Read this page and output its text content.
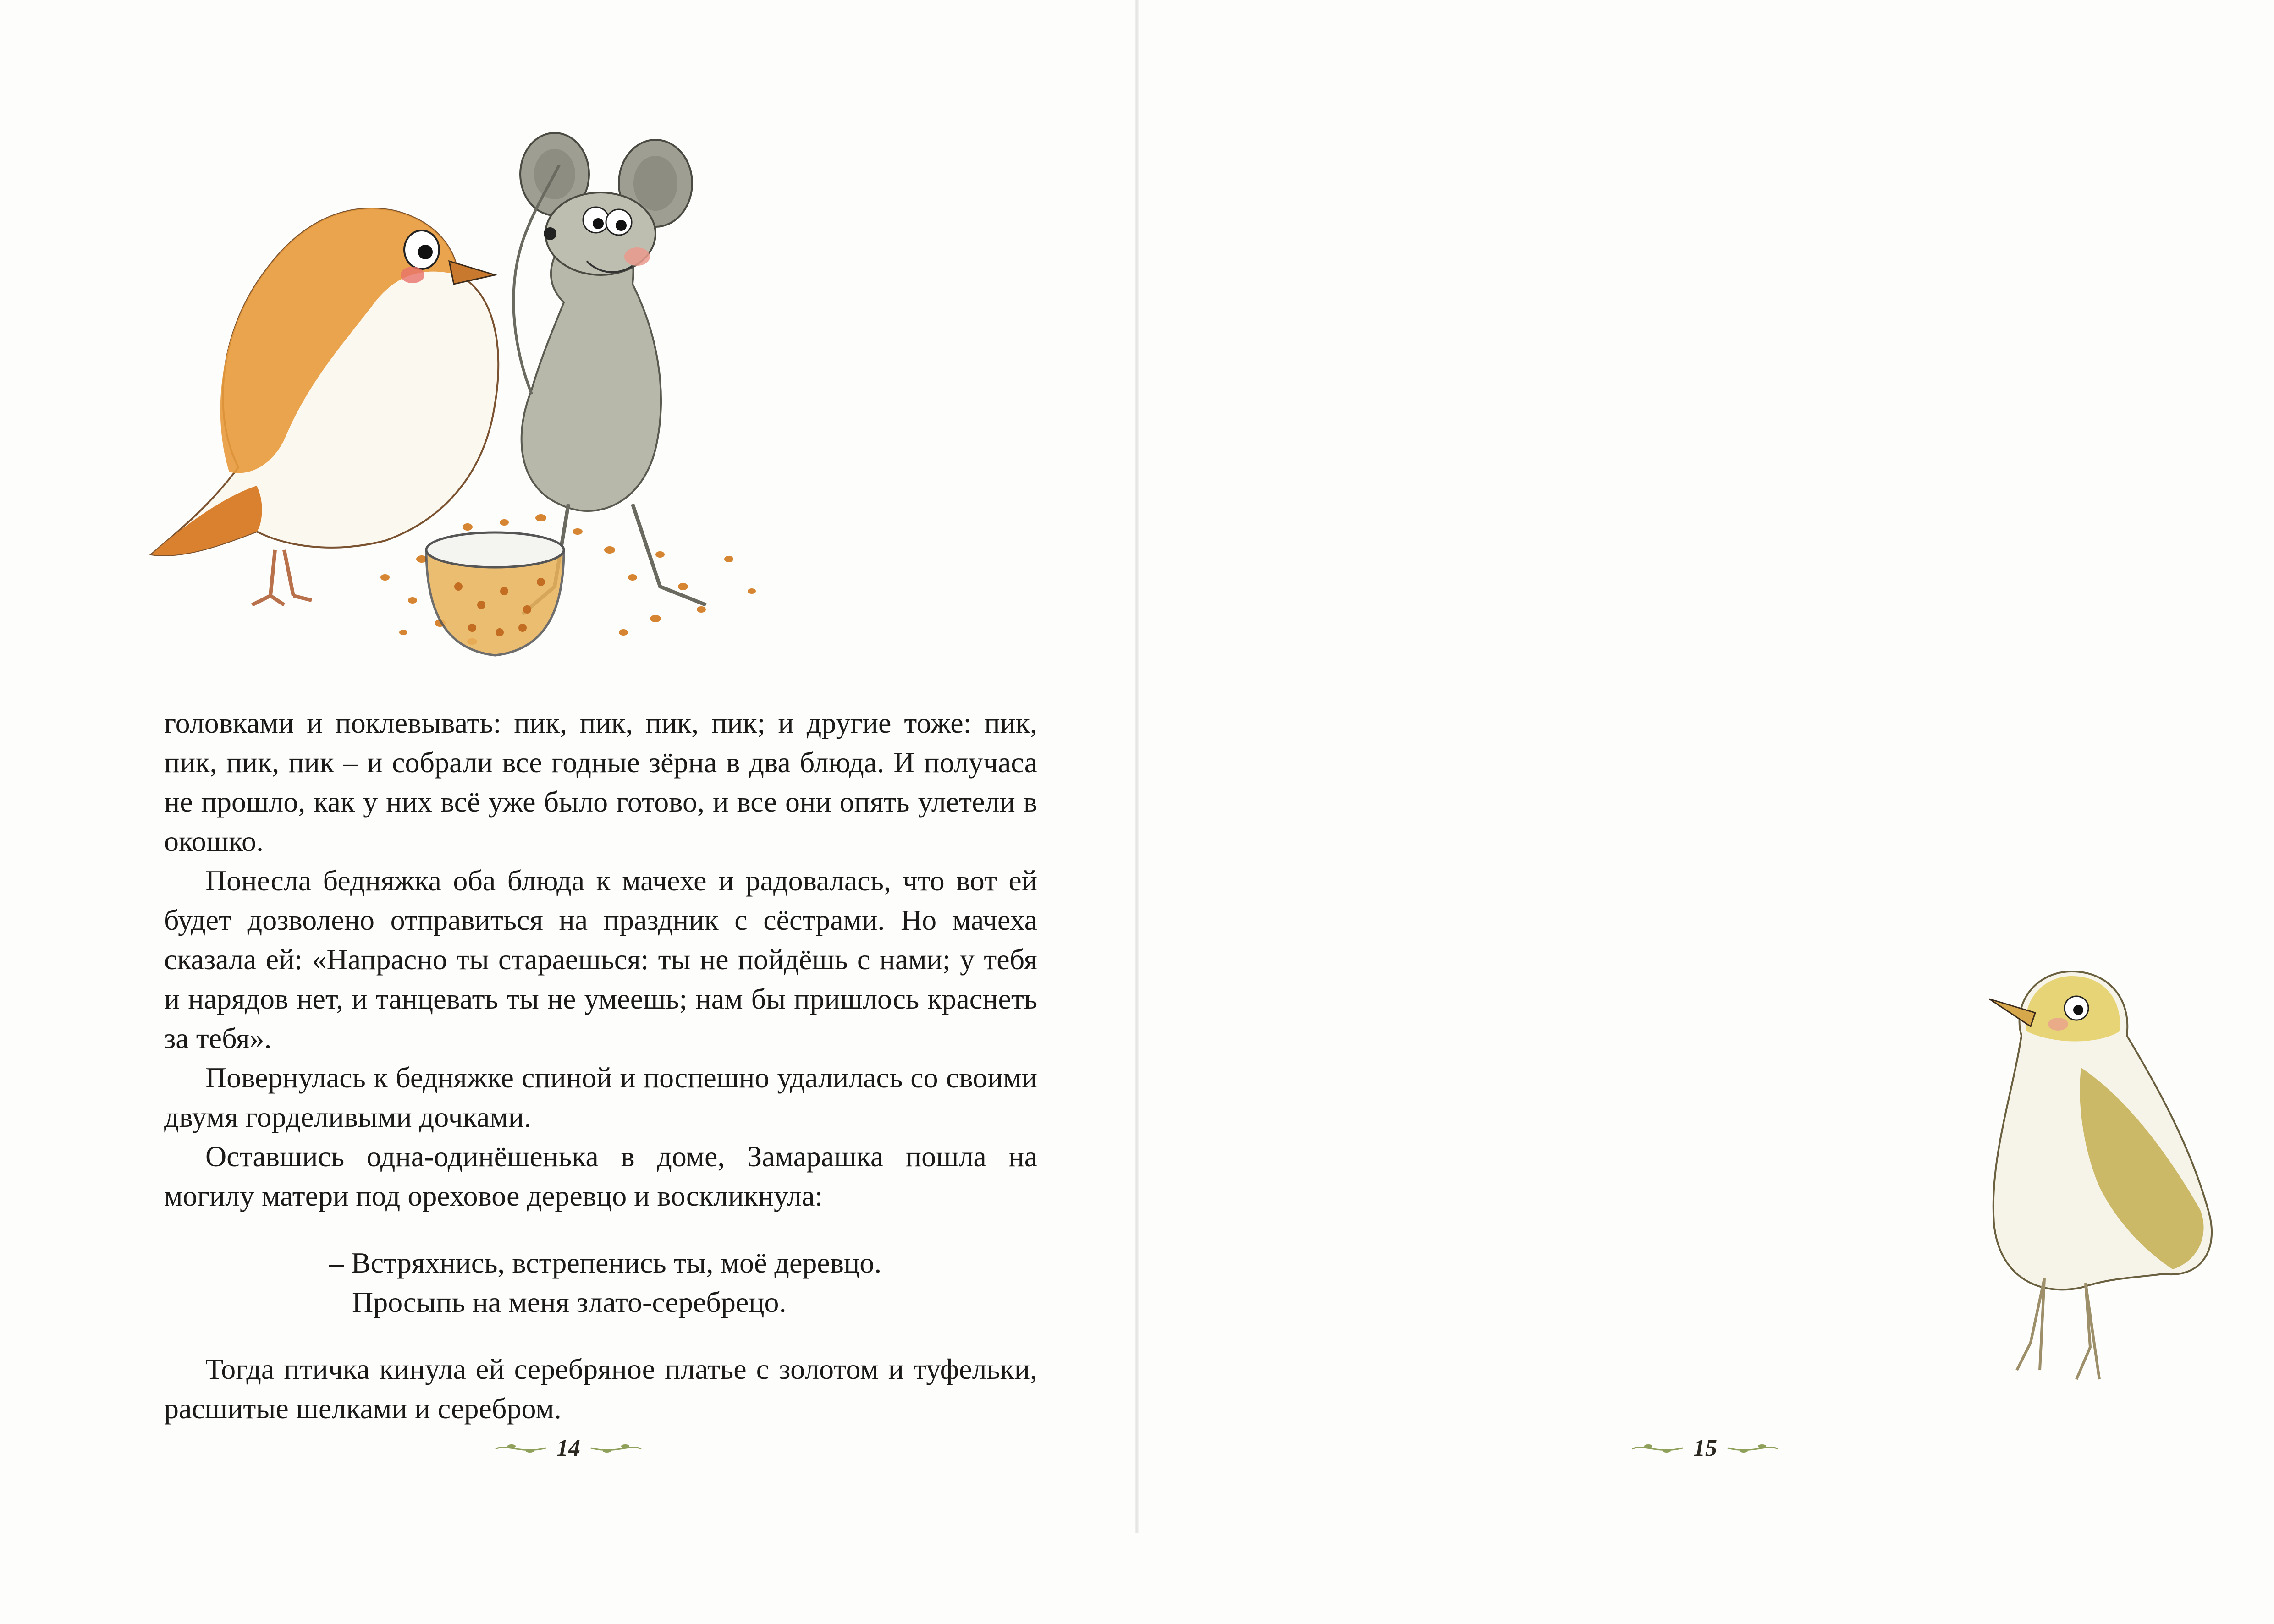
головками и поклевывать: пик, пик, пик, пик; и другие тоже: пик, пик, пик, пик – и собрали все годные зёрна в два блюда. И получаса не прошло, как у них всё уже было готово, и все они опять улетели в окошко.

Понесла бедняжка оба блюда к мачехе и радовалась, что вот ей будет дозволено отправиться на праздник с сёстрами. Но мачеха сказала ей: «Напрасно ты стараешься: ты не пойдёшь с нами; у тебя и нарядов нет, и танцевать ты не умеешь; нам бы пришлось краснеть за тебя».

Повернулась к бедняжке спиной и поспешно удалилась со своими двумя горделивыми дочками.

Оставшись одна-одинёшенька в доме, Замарашка пошла на могилу матери под ореховое деревцо и воскликнула:

– Встряхнись, встрепенись ты, моё деревцо.
Просыпь на меня злато-серебрецо.

Тогда птичка кинула ей серебряное платье с золотом и туфельки, расшитые шелками и серебром.

14	15
